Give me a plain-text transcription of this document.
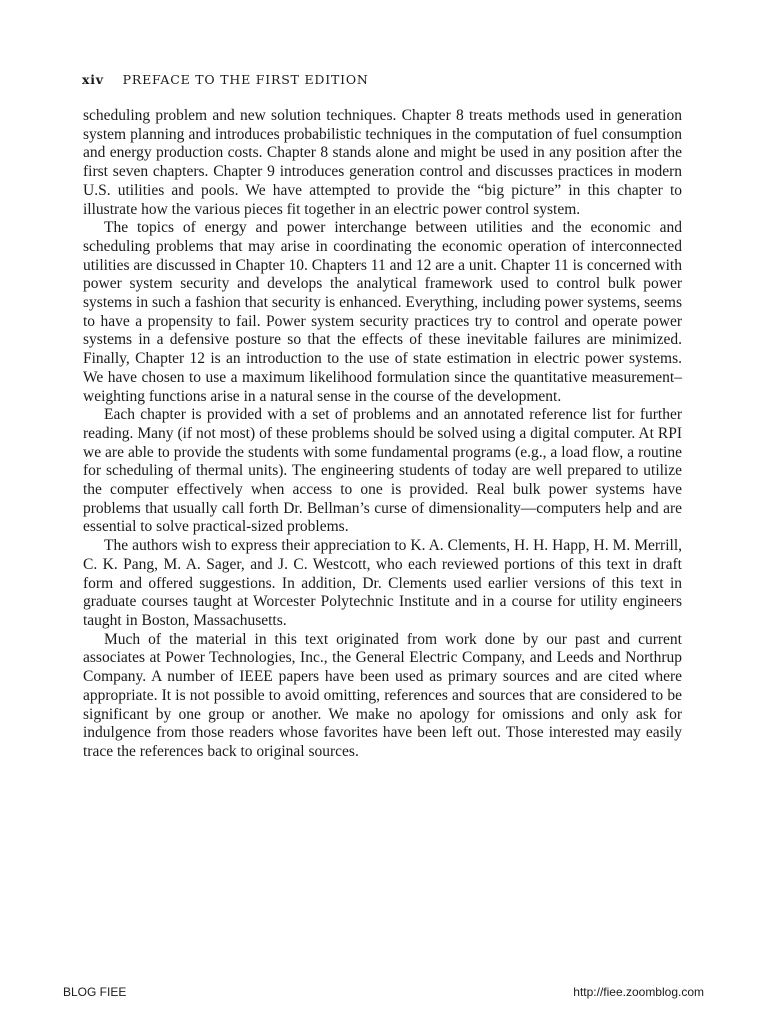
xiv PREFACE TO THE FIRST EDITION

scheduling problem and new solution techniques. Chapter 8 treats methods used in generation system planning and introduces probabilistic techniques in the computation of fuel consumption and energy production costs. Chapter 8 stands alone and might be used in any position after the first seven chapters. Chapter 9 introduces generation control and discusses practices in modern U.S. utilities and pools. We have attempted to provide the “big picture” in this chapter to illustrate how the various pieces fit together in an electric power control system.

The topics of energy and power interchange between utilities and the economic and scheduling problems that may arise in coordinating the economic operation of interconnected utilities are discussed in Chapter 10. Chapters 11 and 12 are a unit. Chapter 11 is concerned with power system security and develops the analytical framework used to control bulk power systems in such a fashion that security is enhanced. Everything, including power systems, seems to have a propensity to fail. Power system security practices try to control and operate power systems in a defensive posture so that the effects of these inevitable failures are minimized. Finally, Chapter 12 is an introduction to the use of state estimation in electric power systems. We have chosen to use a maximum likelihood formulation since the quantitative measurement–weighting functions arise in a natural sense in the course of the development.

Each chapter is provided with a set of problems and an annotated reference list for further reading. Many (if not most) of these problems should be solved using a digital computer. At RPI we are able to provide the students with some fundamental programs (e.g., a load flow, a routine for scheduling of thermal units). The engineering students of today are well prepared to utilize the computer effectively when access to one is provided. Real bulk power systems have problems that usually call forth Dr. Bellman’s curse of dimensionality—computers help and are essential to solve practical-sized problems.

The authors wish to express their appreciation to K. A. Clements, H. H. Happ, H. M. Merrill, C. K. Pang, M. A. Sager, and J. C. Westcott, who each reviewed portions of this text in draft form and offered suggestions. In addition, Dr. Clements used earlier versions of this text in graduate courses taught at Worcester Polytechnic Institute and in a course for utility engineers taught in Boston, Massachusetts.

Much of the material in this text originated from work done by our past and current associates at Power Technologies, Inc., the General Electric Company, and Leeds and Northrup Company. A number of IEEE papers have been used as primary sources and are cited where appropriate. It is not possible to avoid omitting, references and sources that are considered to be significant by one group or another. We make no apology for omissions and only ask for indulgence from those readers whose favorites have been left out. Those interested may easily trace the references back to original sources.

BLOG FIEE	http://fiee.zoomblog.com
